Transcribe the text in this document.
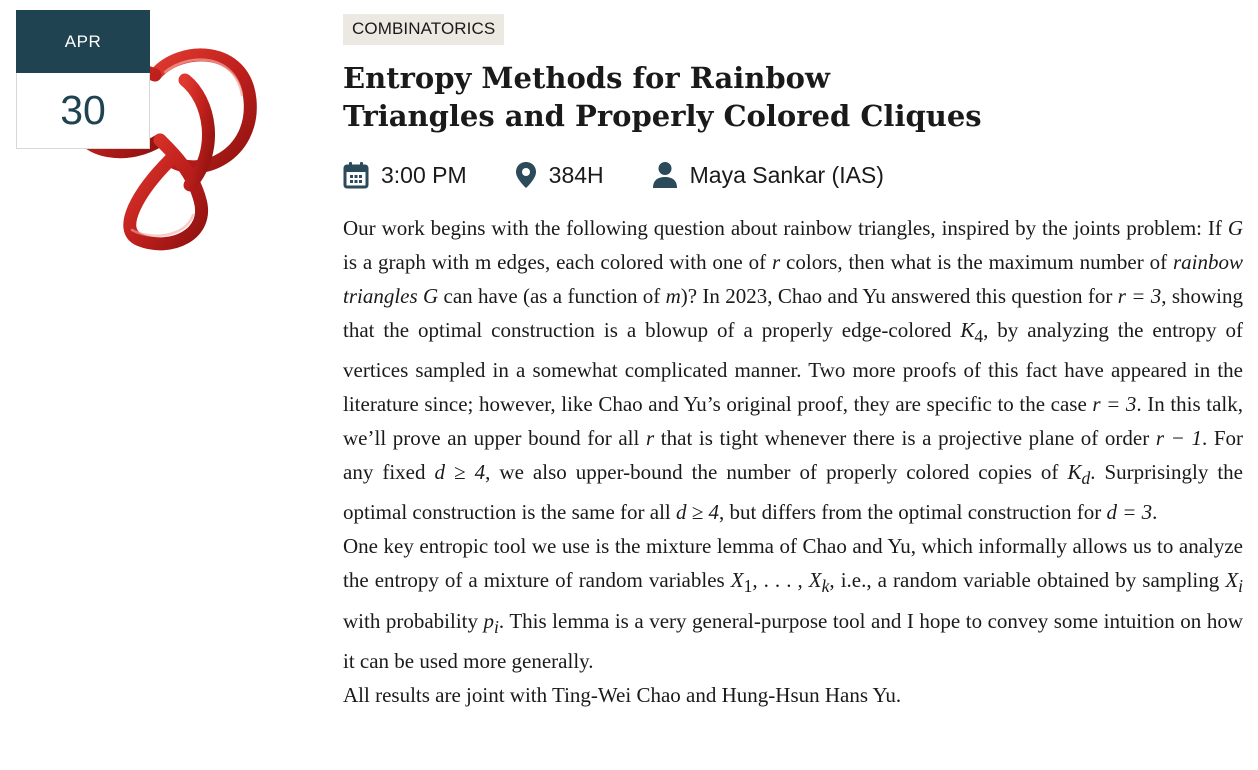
APR
30
COMBINATORICS
Entropy Methods for Rainbow
Triangles and Properly Colored Cliques
3:00 PM	384H	Maya Sankar (IAS)

Our work begins with the following question about rainbow triangles, inspired by the joints problem: If G is a graph with m edges, each colored with one of r colors, then what is the maximum number of rainbow triangles G can have (as a function of m)? In 2023, Chao and Yu answered this question for r = 3, showing that the optimal construction is a blowup of a properly edge-colored $K_4$, by analyzing the entropy of vertices sampled in a somewhat complicated manner. Two more proofs of this fact have appeared in the literature since; however, like Chao and Yu’s original proof, they are specific to the case r = 3. In this talk, we’ll prove an upper bound for all r that is tight whenever there is a projective plane of order r − 1. For any fixed d ≥ 4, we also upper-bound the number of properly colored copies of $K_d$. Surprisingly the optimal construction is the same for all d ≥ 4, but differs from the optimal construction for d = 3.

One key entropic tool we use is the mixture lemma of Chao and Yu, which informally allows us to analyze the entropy of a mixture of random variables $X_1$, . . . , $X_k$, i.e., a random variable obtained by sampling $X_i$ with probability $p_i$. This lemma is a very general-purpose tool and I hope to convey some intuition on how it can be used more generally.

All results are joint with Ting-Wei Chao and Hung-Hsun Hans Yu.
